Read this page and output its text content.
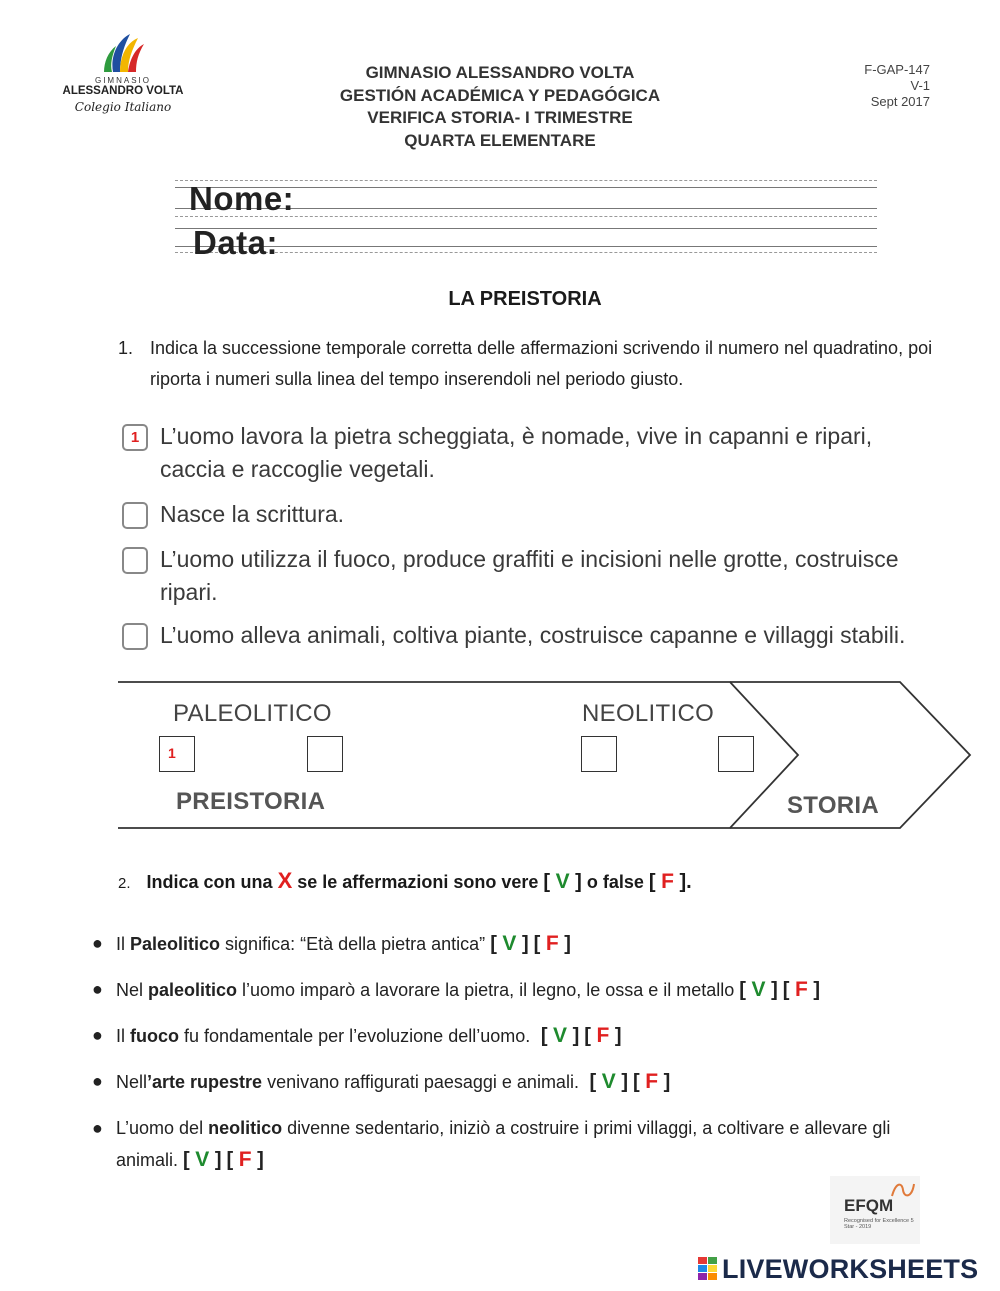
GIMNASIO
ALESSANDRO VOLTA
Colegio Italiano
GIMNASIO ALESSANDRO VOLTA
GESTIÓN ACADÉMICA Y PEDAGÓGICA
VERIFICA STORIA- I TRIMESTRE
QUARTA ELEMENTARE
F-GAP-147
V-1
Sept 2017
Nome:
Data:
LA PREISTORIA
1. Indica la successione temporale corretta delle affermazioni scrivendo il numero nel quadratino, poi riporta i numeri sulla linea del tempo inserendoli nel periodo giusto.
1 L’uomo lavora la pietra scheggiata, è nomade, vive in capanni e ripari, caccia e raccoglie vegetali.
Nasce la scrittura.
L’uomo utilizza il fuoco, produce graffiti e incisioni nelle grotte, costruisce ripari.
L’uomo alleva animali, coltiva piante, costruisce capanne e villaggi stabili.
PALEOLITICO	NEOLITICO
PREISTORIA	STORIA
1
2. Indica con una X se le affermazioni sono vere [ V ] o false [ F ].
● Il Paleolitico significa: “Età della pietra antica” [ V ] [ F ]
● Nel paleolitico l’uomo imparò a lavorare la pietra, il legno, le ossa e il metallo [ V ] [ F ]
● Il fuoco fu fondamentale per l’evoluzione dell’uomo.  [ V ] [ F ]
● Nell’arte rupestre venivano raffigurati paesaggi e animali.  [ V ] [ F ]
● L’uomo del neolitico divenne sedentario, iniziò a costruire i primi villaggi, a coltivare e allevare gli animali. [ V ] [ F ]
EFQM
Recognised for Excellence 5 Star - 2019
LIVEWORKSHEETS
